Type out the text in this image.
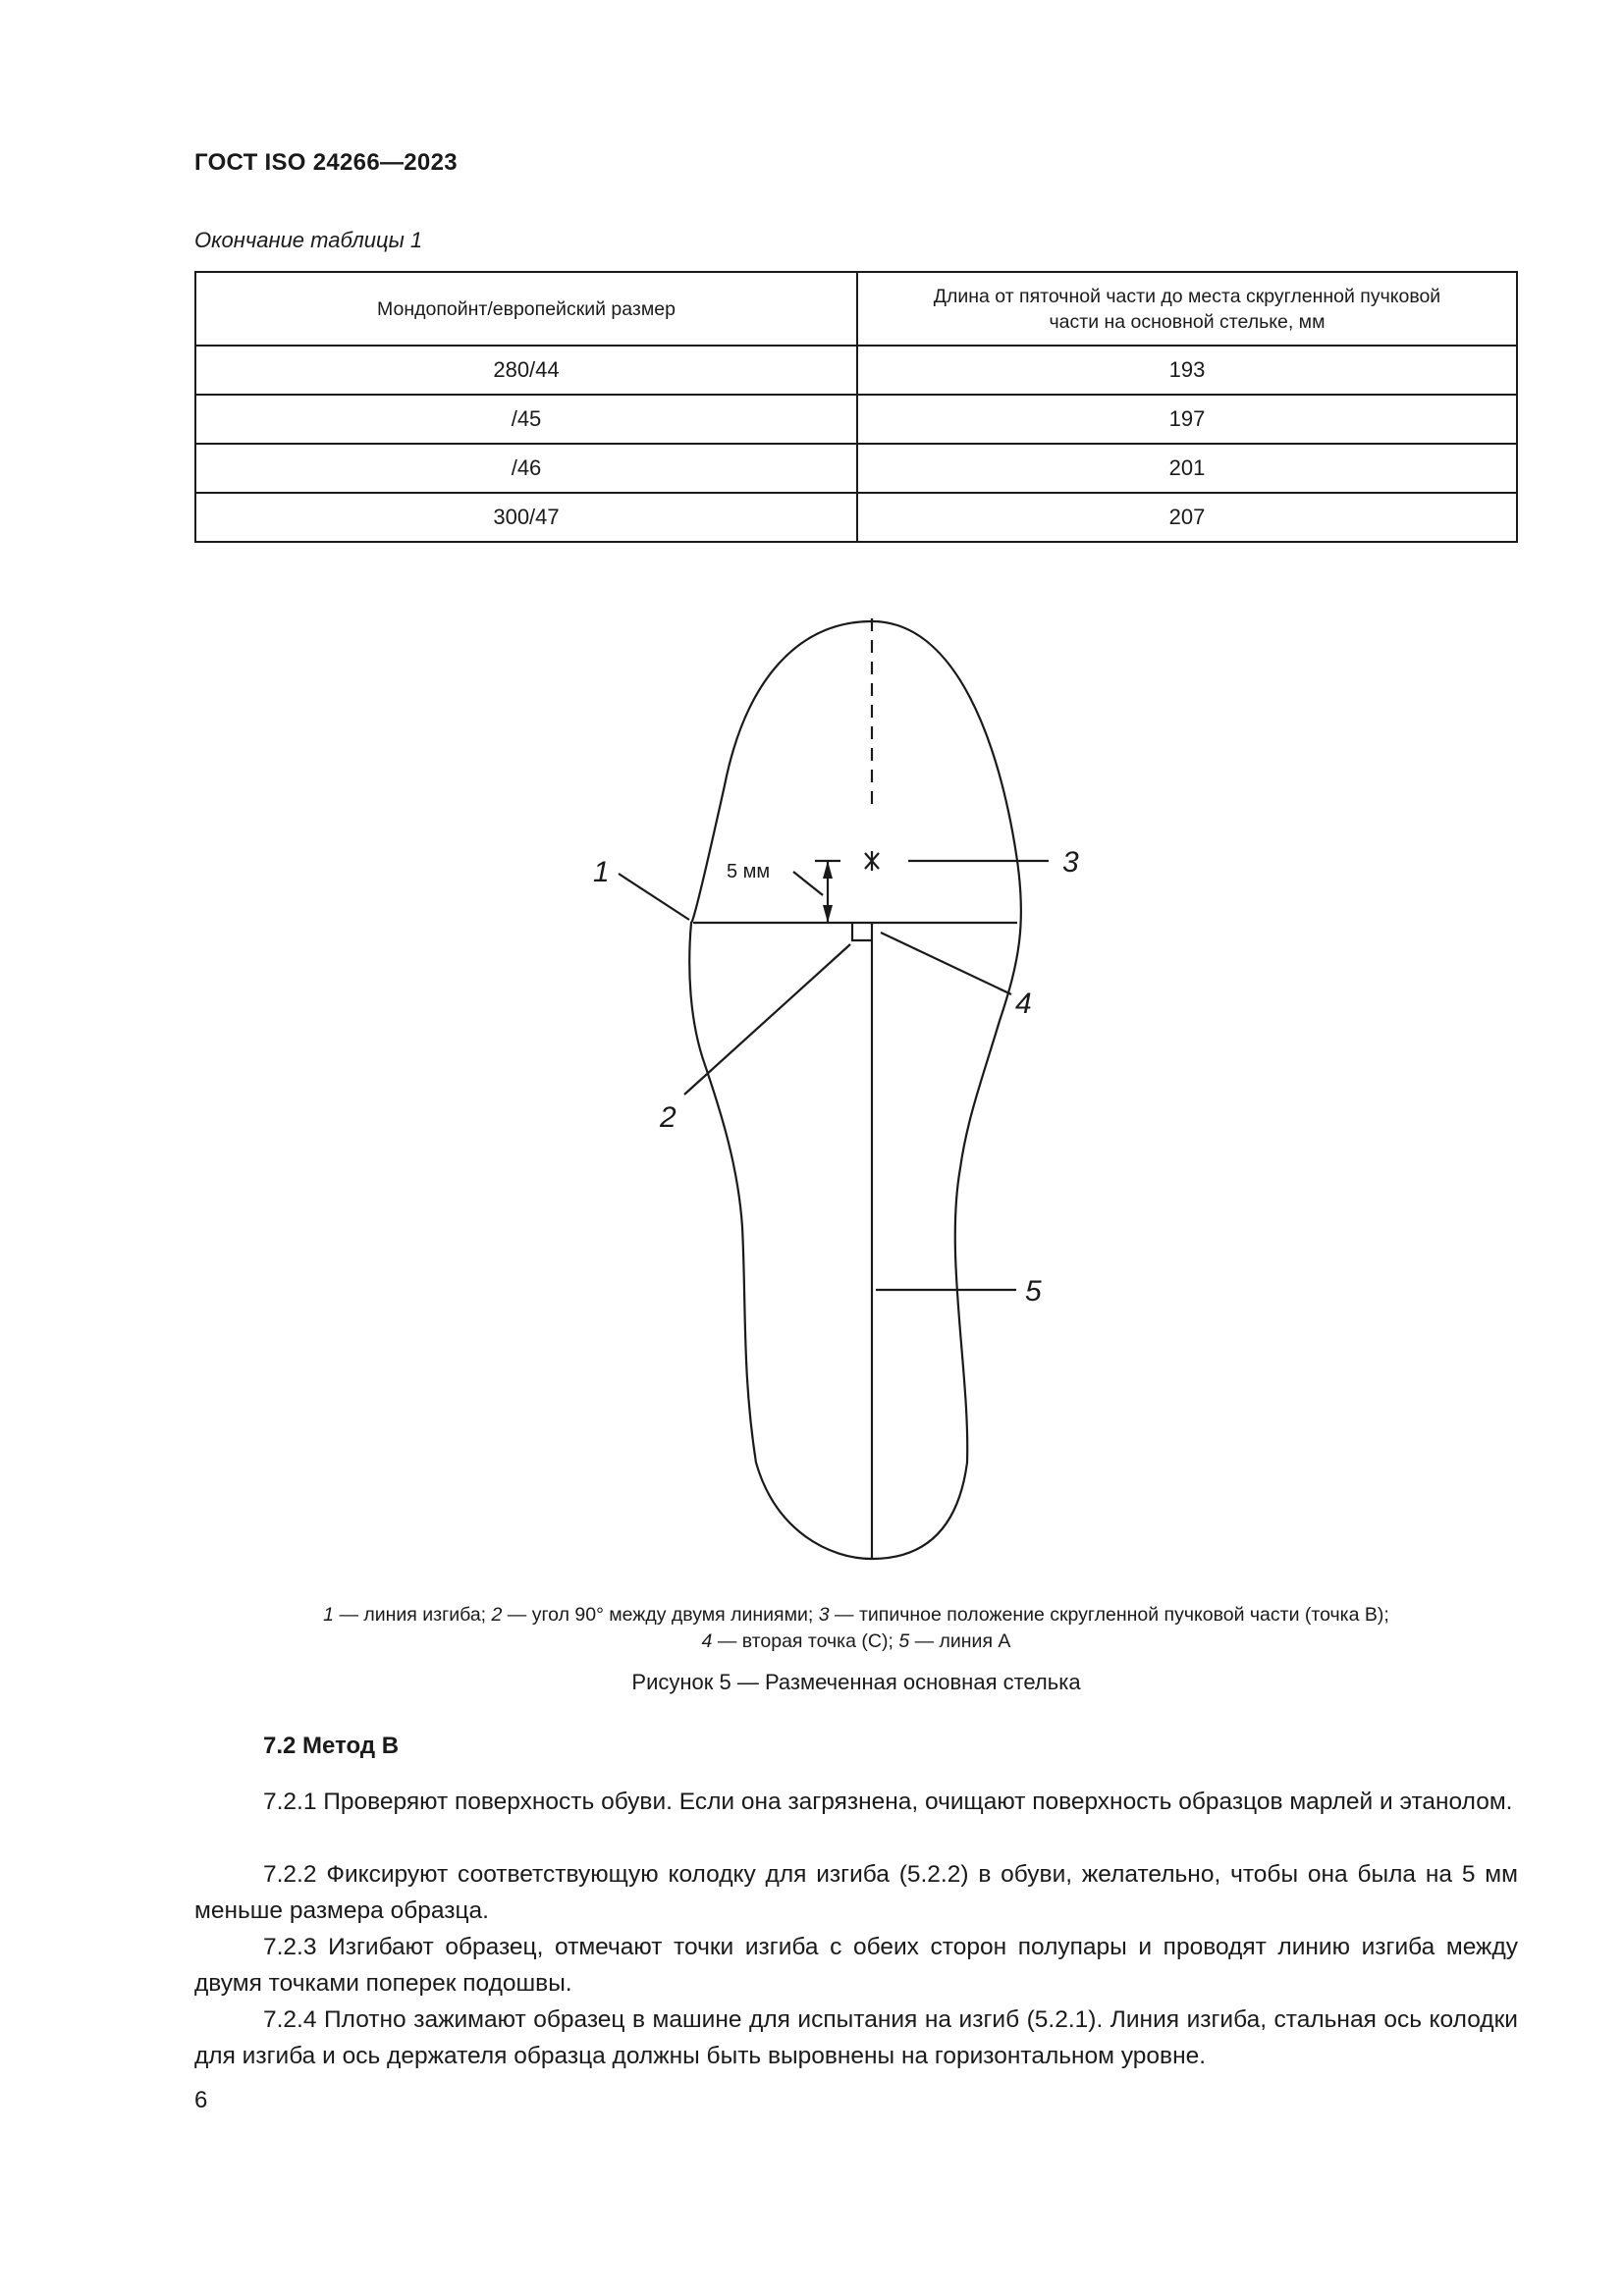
ГОСТ ISO 24266—2023
Окончание таблицы 1
Мондопойнт/европейский размер	Длина от пяточной части до места скругленной пучковой
части на основной стельке, мм
280/44	193
/45	197
/46	201
300/47	207
5 мм
1
2
3
4
5
1 — линия изгиба; 2 — угол 90° между двумя линиями; 3 — типичное положение скругленной пучковой части (точка В);
4 — вторая точка (С); 5 — линия А
Рисунок 5 — Размеченная основная стелька
7.2 Метод В
7.2.1 Проверяют поверхность обуви. Если она загрязнена, очищают поверхность образцов марлей и этанолом.
7.2.2 Фиксируют соответствующую колодку для изгиба (5.2.2) в обуви, желательно, чтобы она была на 5 мм меньше размера образца.
7.2.3 Изгибают образец, отмечают точки изгиба с обеих сторон полупары и проводят линию изгиба между двумя точками поперек подошвы.
7.2.4 Плотно зажимают образец в машине для испытания на изгиб (5.2.1). Линия изгиба, стальная ось колодки для изгиба и ось держателя образца должны быть выровнены на горизонтальном уровне.
6
